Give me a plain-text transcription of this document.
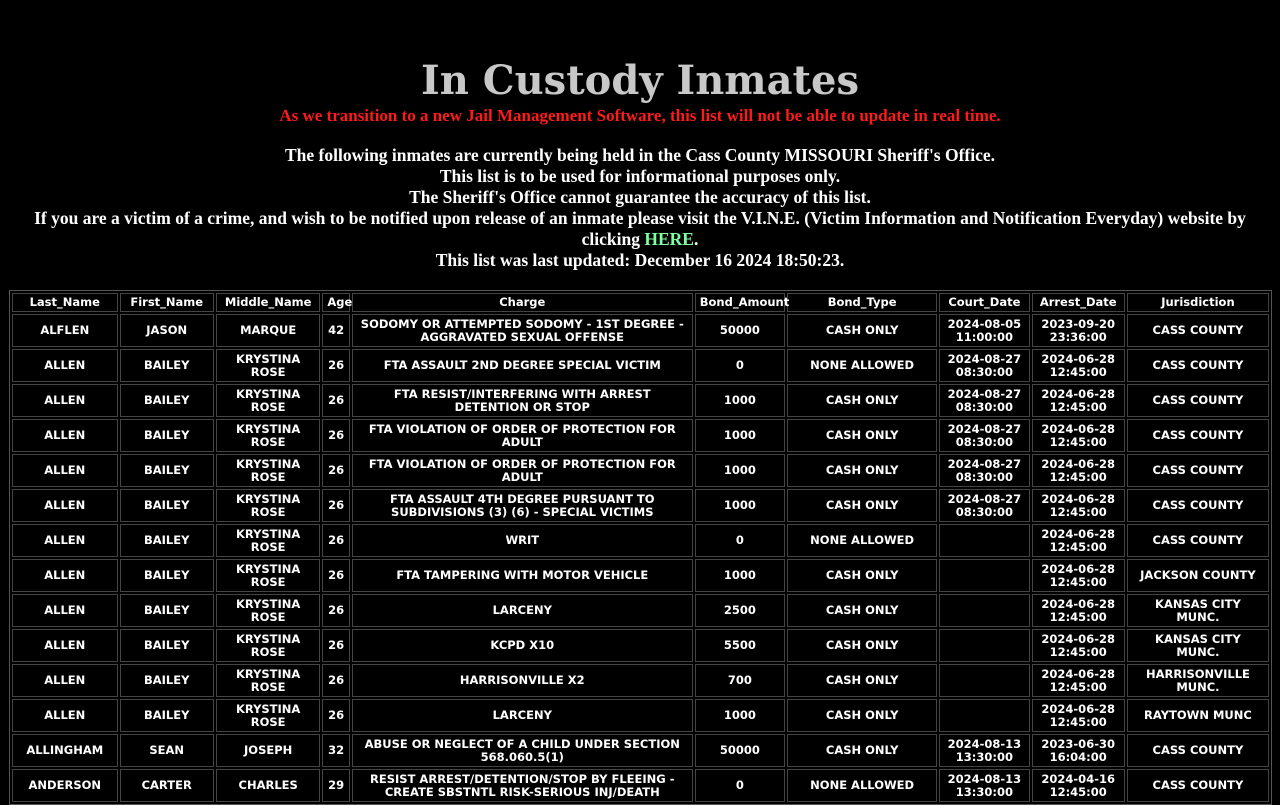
In Custody Inmates
As we transition to a new Jail Management Software, this list will not be able to update in real time.
The following inmates are currently being held in the Cass County MISSOURI Sheriff's Office.
This list is to be used for informational purposes only.
The Sheriff's Office cannot guarantee the accuracy of this list.
If you are a victim of a crime, and wish to be notified upon release of an inmate please visit the V.I.N.E. (Victim Information and Notification Everyday) website by clicking HERE.
This list was last updated: December 16 2024 18:50:23.
Last_Name	First_Name	Middle_Name	Age	Charge	Bond_Amount	Bond_Type	Court_Date	Arrest_Date	Jurisdiction
ALFLEN	JASON	MARQUE	42	SODOMY OR ATTEMPTED SODOMY - 1ST DEGREE - AGGRAVATED SEXUAL OFFENSE	50000	CASH ONLY	2024-08-05 11:00:00	2023-09-20 23:36:00	CASS COUNTY
ALLEN	BAILEY	KRYSTINA ROSE	26	FTA ASSAULT 2ND DEGREE SPECIAL VICTIM	0	NONE ALLOWED	2024-08-27 08:30:00	2024-06-28 12:45:00	CASS COUNTY
ALLEN	BAILEY	KRYSTINA ROSE	26	FTA RESIST/INTERFERING WITH ARREST DETENTION OR STOP	1000	CASH ONLY	2024-08-27 08:30:00	2024-06-28 12:45:00	CASS COUNTY
ALLEN	BAILEY	KRYSTINA ROSE	26	FTA VIOLATION OF ORDER OF PROTECTION FOR ADULT	1000	CASH ONLY	2024-08-27 08:30:00	2024-06-28 12:45:00	CASS COUNTY
ALLEN	BAILEY	KRYSTINA ROSE	26	FTA VIOLATION OF ORDER OF PROTECTION FOR ADULT	1000	CASH ONLY	2024-08-27 08:30:00	2024-06-28 12:45:00	CASS COUNTY
ALLEN	BAILEY	KRYSTINA ROSE	26	FTA ASSAULT 4TH DEGREE PURSUANT TO SUBDIVISIONS (3) (6) - SPECIAL VICTIMS	1000	CASH ONLY	2024-08-27 08:30:00	2024-06-28 12:45:00	CASS COUNTY
ALLEN	BAILEY	KRYSTINA ROSE	26	WRIT	0	NONE ALLOWED		2024-06-28 12:45:00	CASS COUNTY
ALLEN	BAILEY	KRYSTINA ROSE	26	FTA TAMPERING WITH MOTOR VEHICLE	1000	CASH ONLY		2024-06-28 12:45:00	JACKSON COUNTY
ALLEN	BAILEY	KRYSTINA ROSE	26	LARCENY	2500	CASH ONLY		2024-06-28 12:45:00	KANSAS CITY MUNC.
ALLEN	BAILEY	KRYSTINA ROSE	26	KCPD X10	5500	CASH ONLY		2024-06-28 12:45:00	KANSAS CITY MUNC.
ALLEN	BAILEY	KRYSTINA ROSE	26	HARRISONVILLE X2	700	CASH ONLY		2024-06-28 12:45:00	HARRISONVILLE MUNC.
ALLEN	BAILEY	KRYSTINA ROSE	26	LARCENY	1000	CASH ONLY		2024-06-28 12:45:00	RAYTOWN MUNC
ALLINGHAM	SEAN	JOSEPH	32	ABUSE OR NEGLECT OF A CHILD UNDER SECTION 568.060.5(1)	50000	CASH ONLY	2024-08-13 13:30:00	2023-06-30 16:04:00	CASS COUNTY
ANDERSON	CARTER	CHARLES	29	RESIST ARREST/DETENTION/STOP BY FLEEING - CREATE SBSTNTL RISK-SERIOUS INJ/DEATH	0	NONE ALLOWED	2024-08-13 13:30:00	2024-04-16 12:45:00	CASS COUNTY
